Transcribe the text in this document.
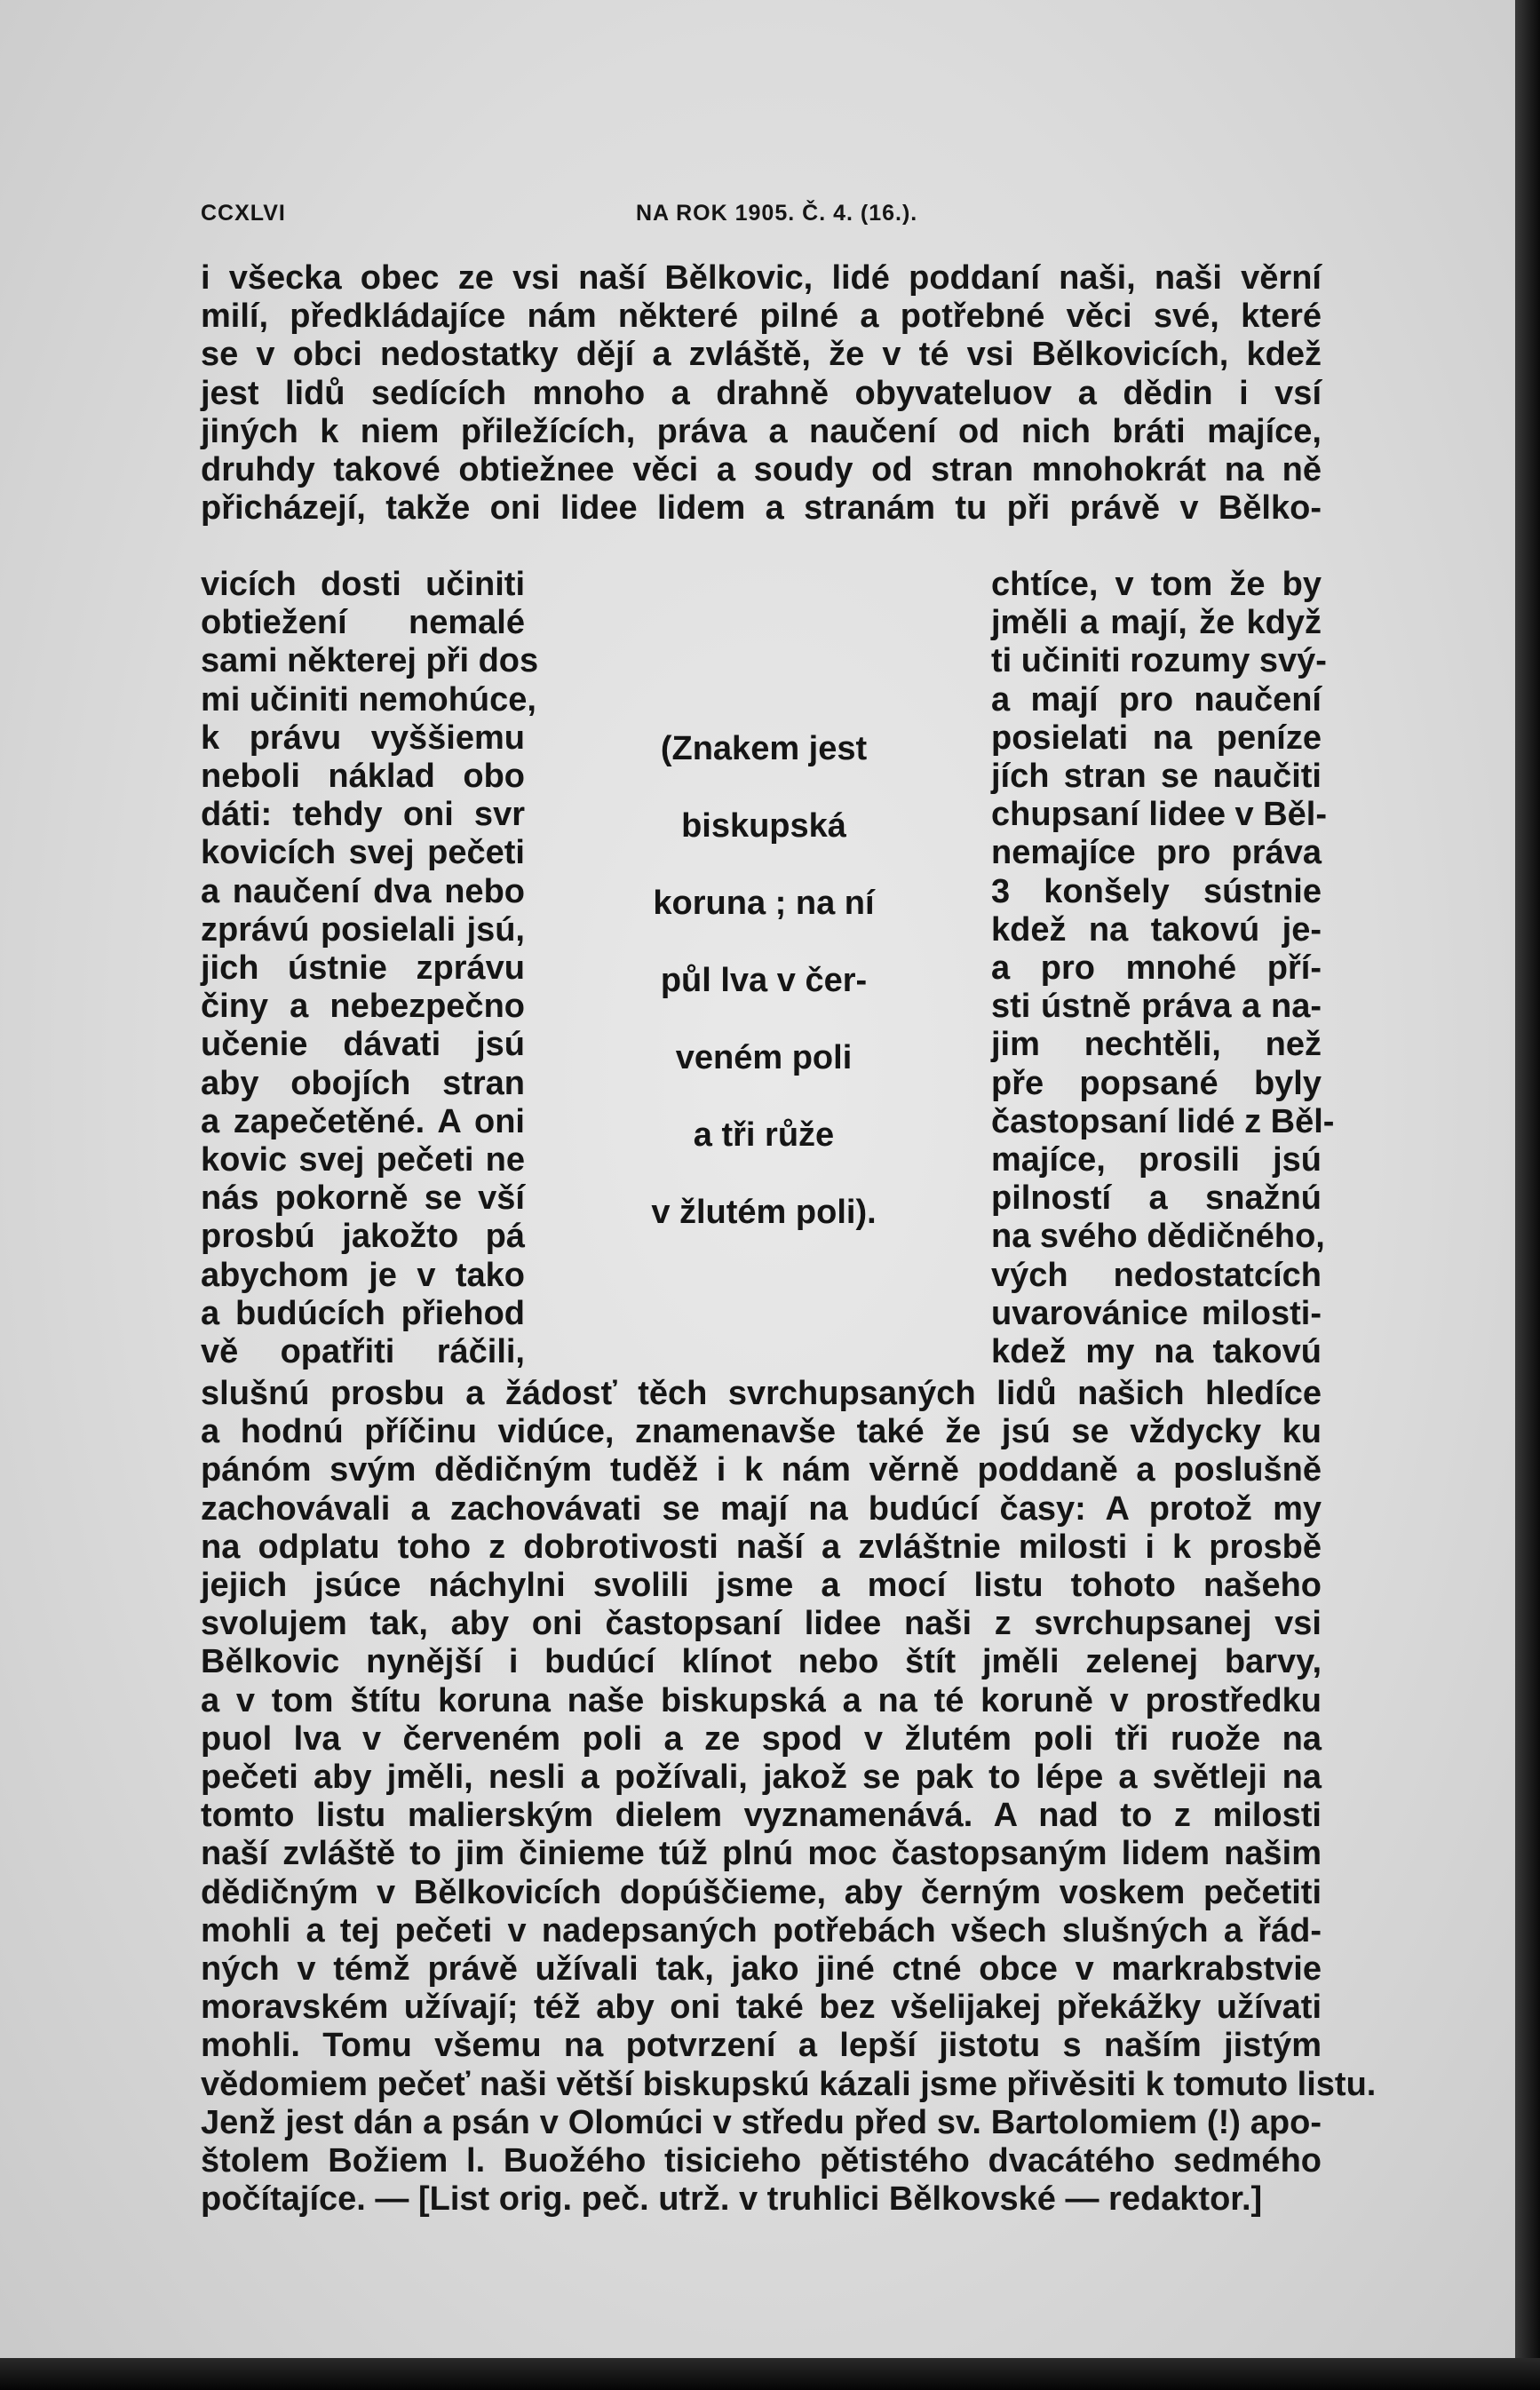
CCXLVI	NA ROK 1905. Č. 4. (16.).
i všecka obec ze vsi naší Bělkovic, lidé poddaní naši, naši věrní
milí, předkládajíce nám některé pilné a potřebné věci své, které
se v obci nedostatky dějí a zvláště, že v té vsi Bělkovicích, kdež
jest lidů sedících mnoho a drahně obyvateluov a dědin i vsí
jiných k niem přiležících, práva a naučení od nich bráti majíce,
druhdy takové obtiežnee věci a soudy od stran mnohokrát na ně
přicházejí, takže oni lidee lidem a stranám tu při právě v Bělko-
vicích dosti učiniti
obtiežení nemalé
sami některej při dos
mi učiniti nemohúce,
k právu vyššiemu
neboli náklad obo
dáti: tehdy oni svr
kovicích svej pečeti
a naučení dva nebo
zprávú posielali jsú,
jich ústnie zprávu
činy a nebezpečno
učenie dávati jsú
aby obojích stran
a zapečetěné. A oni
kovic svej pečeti ne
nás pokorně se vší
prosbú jakožto pá
abychom je v tako
a budúcích přiehod
vě opatřiti ráčili,
(Znakem jest
biskupská
koruna ; na ní
půl lva v čer-
veném poli
a tři růže
v žlutém poli).
chtíce, v tom že by
jměli a mají, že když
ti učiniti rozumy svý-
a mají pro naučení
posielati na peníze
jích stran se naučiti
chupsaní lidee v Běl-
nemajíce pro práva
3 konšely sústnie
kdež na takovú je-
a pro mnohé pří-
sti ústně práva a na-
jim nechtěli, než
pře popsané byly
častopsaní lidé z Běl-
majíce, prosili jsú
pilností a snažnú
na svého dědičného,
vých nedostatcích
uvarovánice milosti-
kdež my na takovú
slušnú prosbu a žádosť těch svrchupsaných lidů našich hledíce
a hodnú příčinu vidúce, znamenavše také že jsú se vždycky ku
pánóm svým dědičným tuděž i k nám věrně poddaně a poslušně
zachovávali a zachovávati se mají na budúcí časy: A protož my
na odplatu toho z dobrotivosti naší a zvláštnie milosti i k prosbě
jejich jsúce náchylni svolili jsme a mocí listu tohoto našeho
svolujem tak, aby oni častopsaní lidee naši z svrchupsanej vsi
Bělkovic nynější i budúcí klínot nebo štít jměli zelenej barvy,
a v tom štítu koruna naše biskupská a na té koruně v prostředku
puol lva v červeném poli a ze spod v žlutém poli tři ruože na
pečeti aby jměli, nesli a požívali, jakož se pak to lépe a světleji na
tomto listu malierským dielem vyznamenává. A nad to z milosti
naší zvláště to jim činieme túž plnú moc častopsaným lidem našim
dědičným v Bělkovicích dopúščieme, aby černým voskem pečetiti
mohli a tej pečeti v nadepsaných potřebách všech slušných a řád-
ných v témž právě užívali tak, jako jiné ctné obce v markrabstvie
moravském užívají; též aby oni také bez všelijakej překážky užívati
mohli. Tomu všemu na potvrzení a lepší jistotu s naším jistým
vědomiem pečeť naši větší biskupskú kázali jsme přivěsiti k tomuto listu.
Jenž jest dán a psán v Olomúci v středu před sv. Bartolomiem (!) apo-
štolem Božiem l. Buožého tisicieho pětistého dvacátého sedmého
počítajíce. — [List orig. peč. utrž. v truhlici Bělkovské — redaktor.]
